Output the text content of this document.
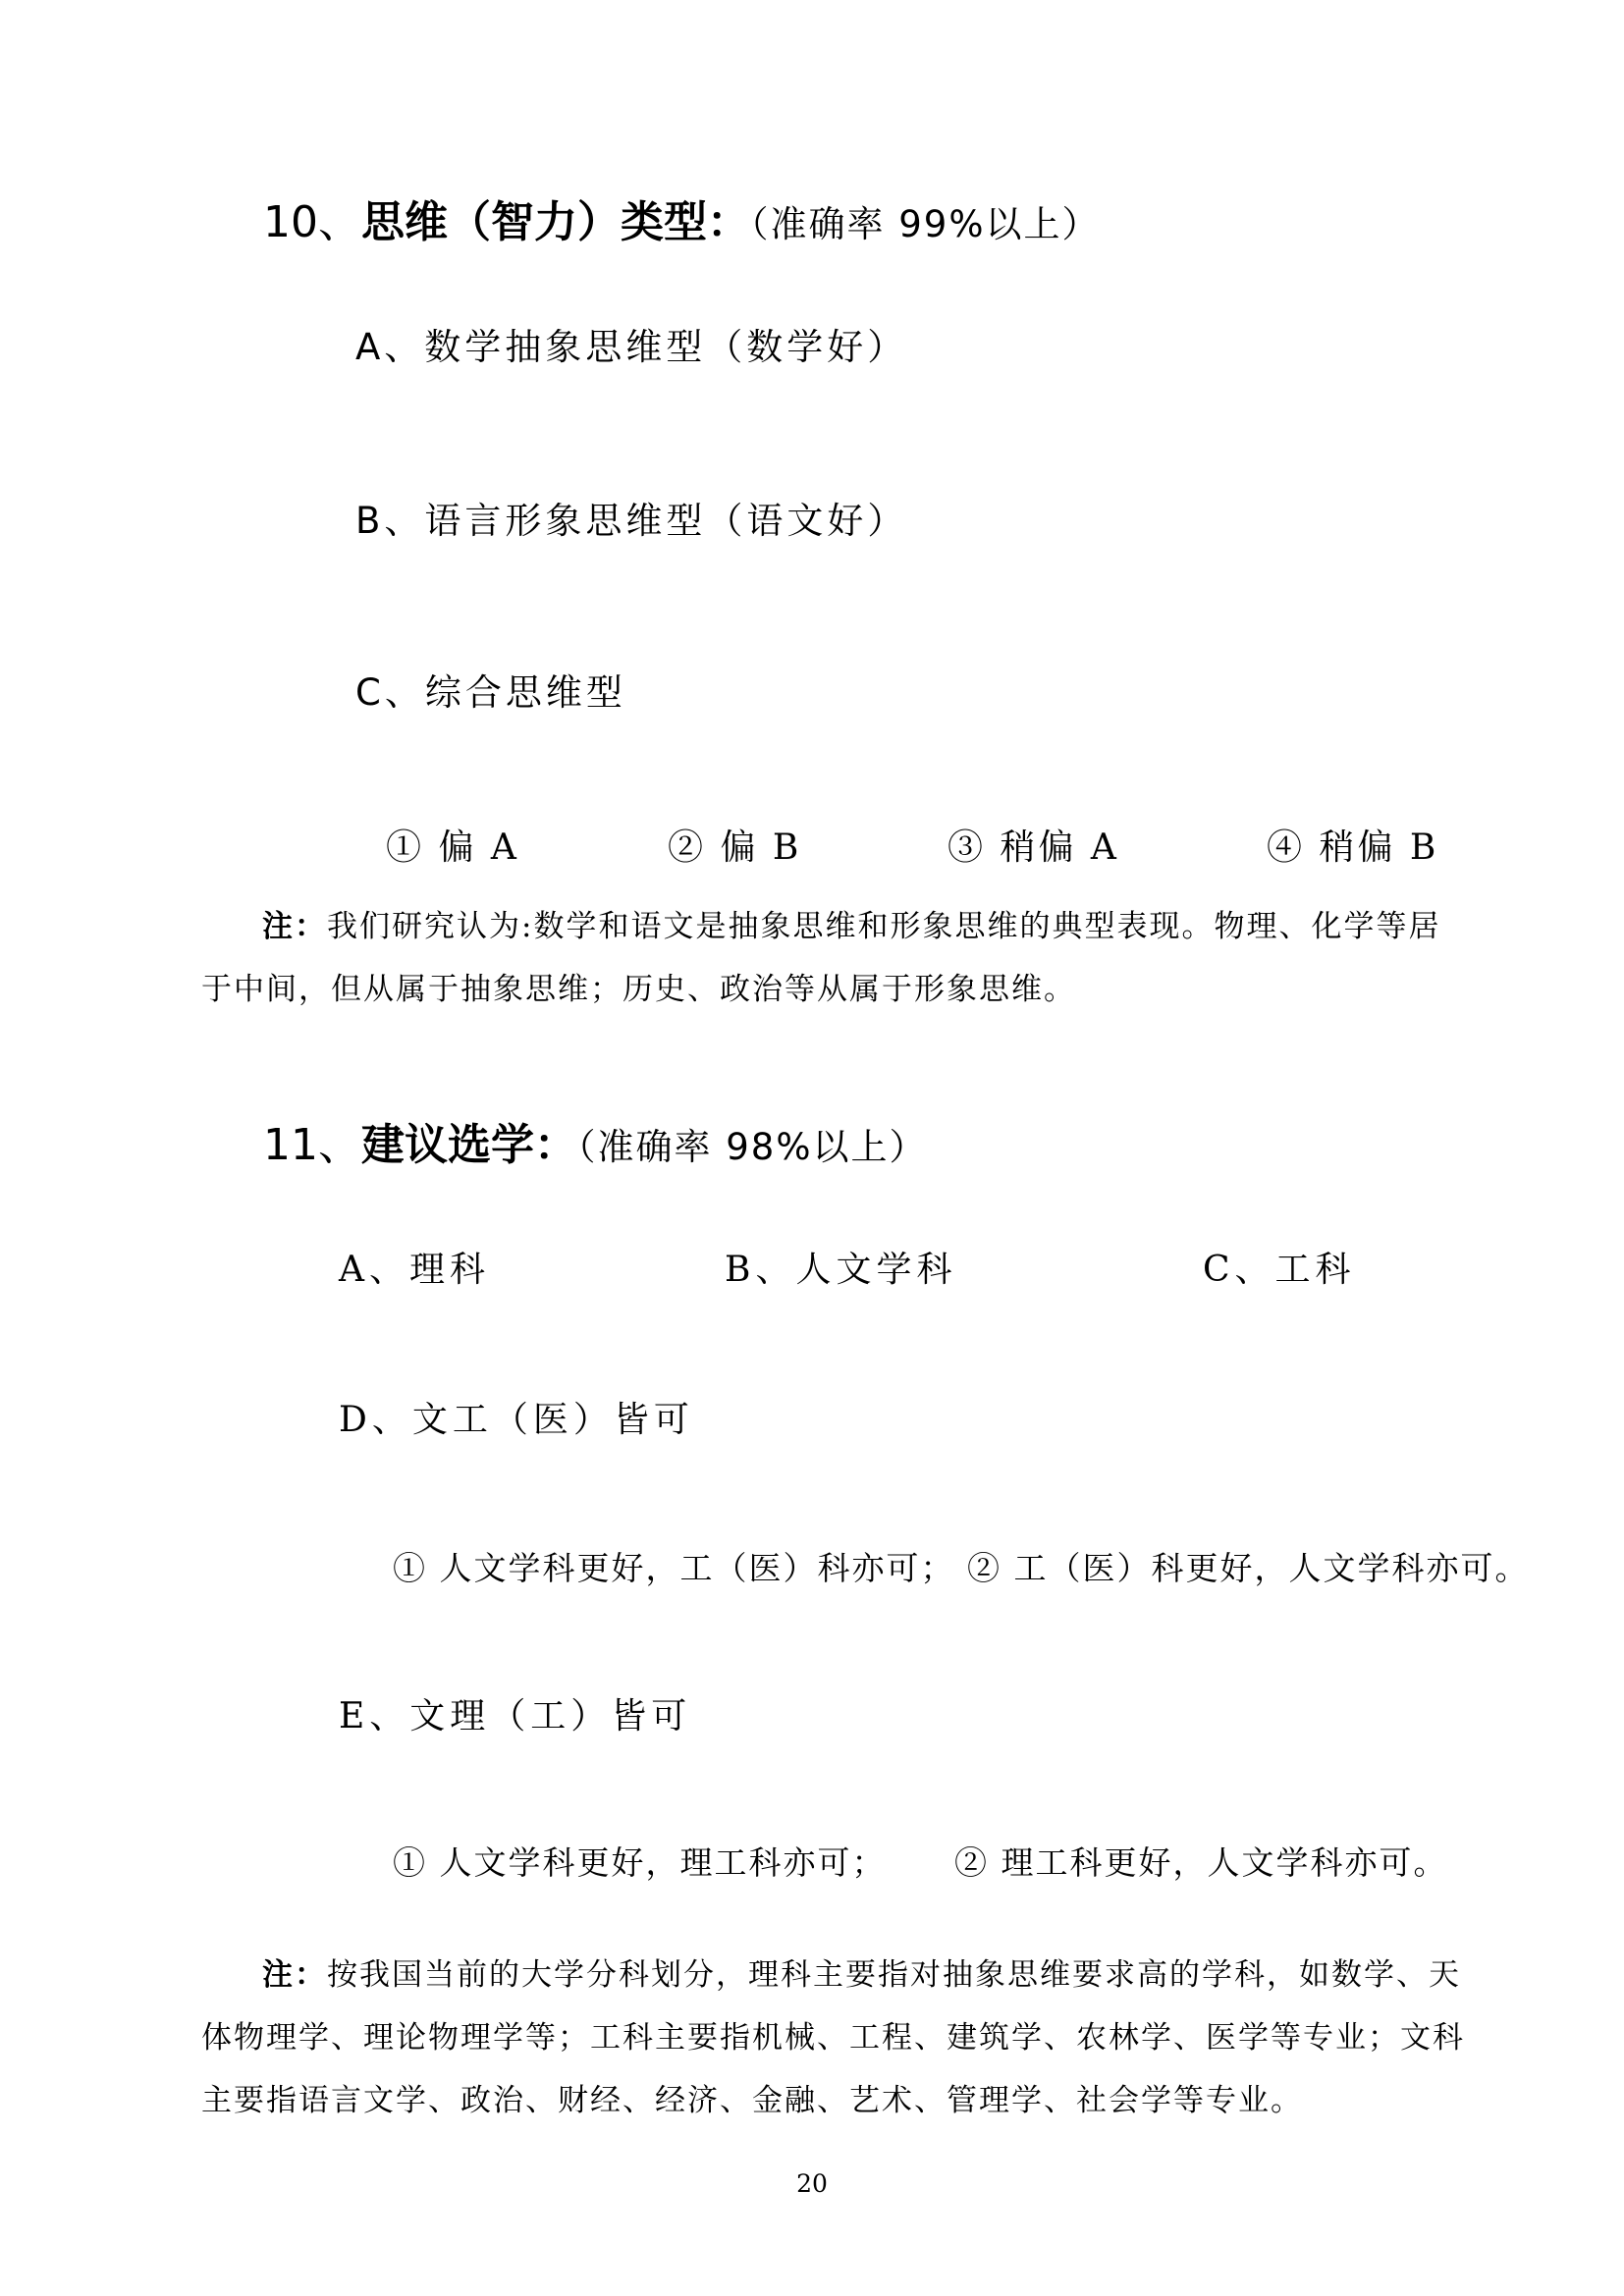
10、思维（智力）类型：（准确率 99%以上）
A、数学抽象思维型（数学好）
B、语言形象思维型（语文好）
C、综合思维型
① 偏 A	② 偏 B	③ 稍偏 A	④ 稍偏 B
注：我们研究认为:数学和语文是抽象思维和形象思维的典型表现。物理、化学等居于中间，但从属于抽象思维；历史、政治等从属于形象思维。
11、建议选学：（准确率 98%以上）
A、理科	B、人文学科	C、工科
D、文工（医）皆可
① 人文学科更好，工（医）科亦可； ② 工（医）科更好，人文学科亦可。
E、文理（工）皆可
① 人文学科更好，理工科亦可； ② 理工科更好，人文学科亦可。
注：按我国当前的大学分科划分，理科主要指对抽象思维要求高的学科，如数学、天体物理学、理论物理学等；工科主要指机械、工程、建筑学、农林学、医学等专业；文科主要指语言文学、政治、财经、经济、金融、艺术、管理学、社会学等专业。
20
